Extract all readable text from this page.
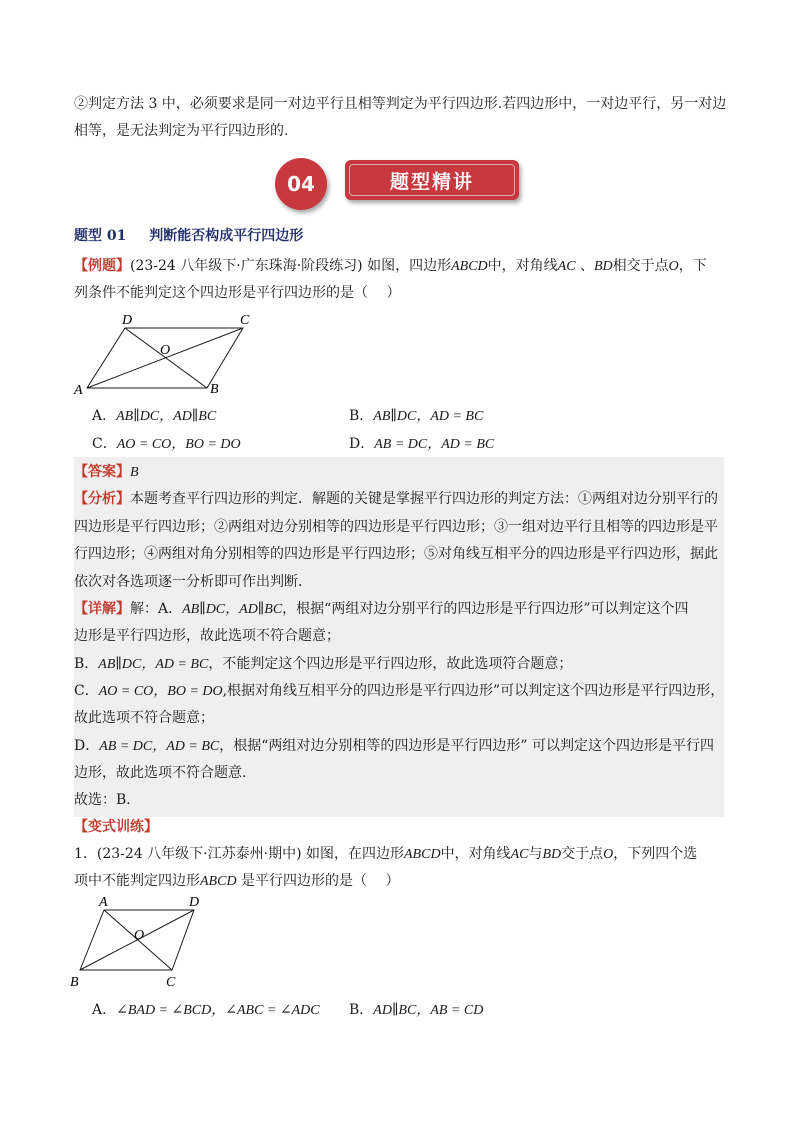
②判定方法 3 中，必须要求是同一对边平行且相等判定为平行四边形.若四边形中，一对边平行，另一对边
相等，是无法判定为平行四边形的.
04	题型精讲
题型 01 判断能否构成平行四边形
【例题】(23-24 八年级下·广东珠海·阶段练习) 如图，四边形ABCD中，对角线AC 、BD相交于点O，下
列条件不能判定这个四边形是平行四边形的是（　 ）
A	B
C
D
O
A．AB∥DC，AD∥BC	B．AB∥DC，AD = BC
C．AO = CO，BO = DO	D．AB = DC，AD = BC
【答案】B
【分析】本题考查平行四边形的判定．解题的关键是掌握平行四边形的判定方法：①两组对边分别平行的
四边形是平行四边形；②两组对边分别相等的四边形是平行四边形；③一组对边平行且相等的四边形是平
行四边形；④两组对角分别相等的四边形是平行四边形；⑤对角线互相平分的四边形是平行四边形，据此
依次对各选项逐一分析即可作出判断．
【详解】解：A．AB∥DC，AD∥BC，根据“两组对边分别平行的四边形是平行四边形”可以判定这个四
边形是平行四边形，故此选项不符合题意；
B．AB∥DC，AD = BC，不能判定这个四边形是平行四边形，故此选项符合题意；
C．AO = CO，BO = DO,根据对角线互相平分的四边形是平行四边形”可以判定这个四边形是平行四边形，
故此选项不符合题意；
D．AB = DC，AD = BC，根据“两组对边分别相等的四边形是平行四边形” 可以判定这个四边形是平行四
边形，故此选项不符合题意．
故选：B．
【变式训练】
1．(23-24 八年级下·江苏泰州·期中) 如图，在四边形ABCD中，对角线AC与BD交于点O，下列四个选
项中不能判定四边形ABCD 是平行四边形的是（　 ）
A	D
B	C
O
A．∠BAD = ∠BCD，∠ABC = ∠ADC B．AD∥BC，AB = CD
